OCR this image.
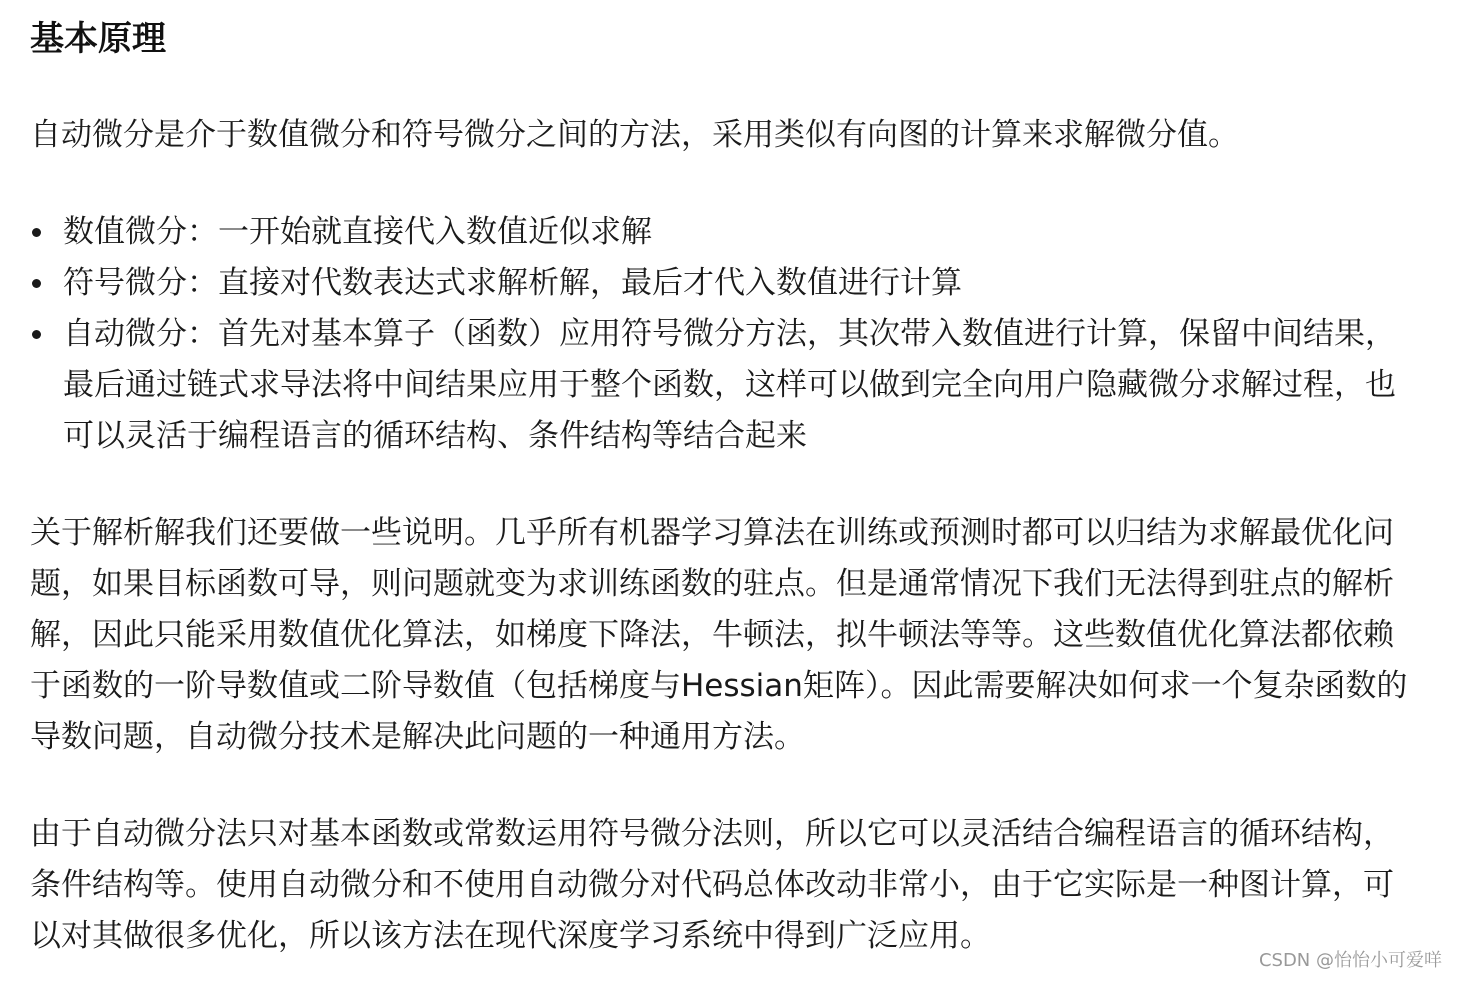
基本原理

自动微分是介于数值微分和符号微分之间的方法，采用类似有向图的计算来求解微分值。

数值微分：一开始就直接代入数值近似求解
符号微分：直接对代数表达式求解析解，最后才代入数值进行计算
自动微分：首先对基本算子（函数）应用符号微分方法，其次带入数值进行计算，保留中间结果，最后通过链式求导法将中间结果应用于整个函数，这样可以做到完全向用户隐藏微分求解过程，也可以灵活于编程语言的循环结构、条件结构等结合起来

关于解析解我们还要做一些说明。几乎所有机器学习算法在训练或预测时都可以归结为求解最优化问题，如果目标函数可导，则问题就变为求训练函数的驻点。但是通常情况下我们无法得到驻点的解析解，因此只能采用数值优化算法，如梯度下降法，牛顿法，拟牛顿法等等。这些数值优化算法都依赖于函数的一阶导数值或二阶导数值（包括梯度与Hessian矩阵）。因此需要解决如何求一个复杂函数的导数问题，自动微分技术是解决此问题的一种通用方法。

由于自动微分法只对基本函数或常数运用符号微分法则，所以它可以灵活结合编程语言的循环结构，条件结构等。使用自动微分和不使用自动微分对代码总体改动非常小，由于它实际是一种图计算，可以对其做很多优化，所以该方法在现代深度学习系统中得到广泛应用。

CSDN @怡怡小可爱咩
